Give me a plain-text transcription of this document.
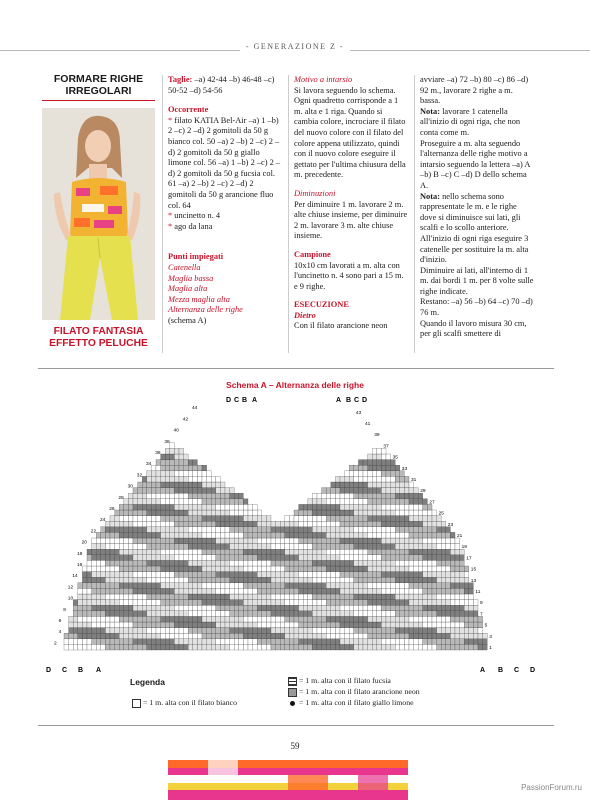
- GENERAZIONE Z -
FORMARE RIGHE
IRREGOLARI
FILATO FANTASIA
EFFETTO PELUCHE
Taglie: –a) 42-44 –b) 46-48 –c) 50-52 –d) 54-56
Occorrente
* filato KATIA Bel-Air –a) 1 –b) 2 –c) 2 –d) 2 gomitoli da 50 g bianco col. 50 –a) 2 –b) 2 –c) 2 –d) 2 gomitoli da 50 g giallo limone col. 56 –a) 1 –b) 2 –c) 2 –d) 2 gomitoli da 50 g fucsia col. 61 –a) 2 –b) 2 –c) 2 –d) 2 gomitoli da 50 g arancione fluo col. 64
* uncinetto n. 4
* ago da lana
Punti impiegati
Catenella
Maglia bassa
Maglia alta
Mezza maglia alta
Alternanza delle righe
(schema A)
Motivo a intarsio
Si lavora seguendo lo schema. Ogni quadretto corrisponde a 1 m. alta e 1 riga. Quando si cambia colore, incrociare il filato del nuovo colore con il filato del colore appena utilizzato, quindi con il nuovo colore eseguire il gettato per l'ultima chiusura della m. precedente.
Diminuzioni
Per diminuire 1 m. lavorare 2 m. alte chiuse insieme, per diminuire 2 m. lavorare 3 m. alte chiuse insieme.
Campione
10x10 cm lavorati a m. alta con l'uncinetto n. 4 sono pari a 15 m. e 9 righe.
ESECUZIONE
Dietro
Con il filato arancione neon
avviare –a) 72 –b) 80 –c) 86 –d) 92 m., lavorare 2 righe a m. bassa.
Nota: lavorare 1 catenella all'inizio di ogni riga, che non conta come m.
Proseguire a m. alta seguendo l'alternanza delle righe motivo a intarsio seguendo la lettera –a) A –b) B –c) C –d) D dello schema A.
Nota: nello schema sono rappresentate le m. e le righe dove si diminuisce sui lati, gli scalfi e lo scollo anteriore. All'inizio di ogni riga eseguire 3 catenelle per sostituire la m. alta d'inizio.
Diminuire ai lati, all'interno di 1 m. dai bordi 1 m. per 8 volte sulle righe indicate.
Restano: –a) 56 –b) 64 –c) 70 –d) 76 m.
Quando il lavoro misura 30 cm, per gli scalfi smettere di
Schema A – Alternanza delle righe
D C B A	A B C D
D C B A	A B C D
2
4
6
8
10
12
14
16
18
20
22
24
26
28
30
32
34
36
38
40
42
44
1
3
5
7
9
11
13
15
17
19
21
23
25
27
29
31
33
35
37
39
41
43
Legenda
= 1 m. alta con il filato bianco
= 1 m. alta con il filato fucsia
= 1 m. alta con il filato arancione neon
= 1 m. alta con il filato giallo limone
59
PassionForum.ru
